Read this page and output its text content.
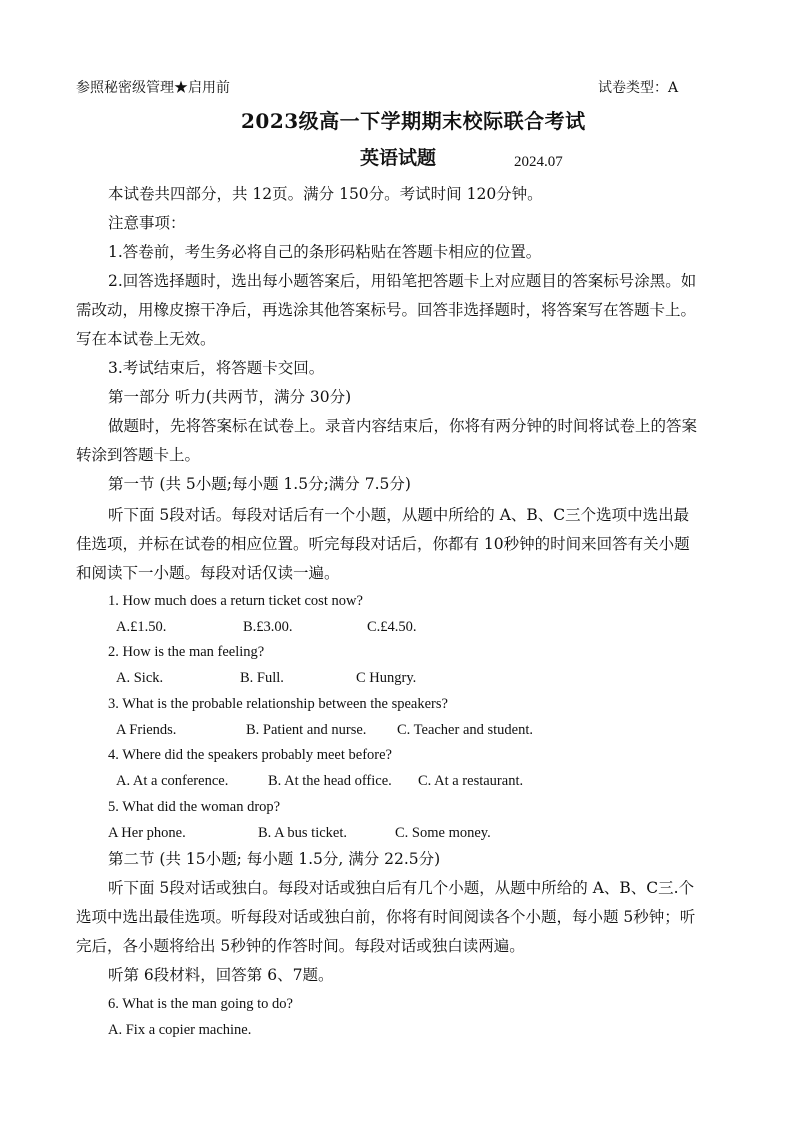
参照秘密级管理★启用前	试卷类型：A
2023级高一下学期期末校际联合考试
英语试题	2024.07
本试卷共四部分，共 12页。满分 150分。考试时间 120分钟。
注意事项：
1.答卷前，考生务必将自己的条形码粘贴在答题卡相应的位置。
2.回答选择题时，选出每小题答案后，用铅笔把答题卡上对应题目的答案标号涂黑。如
需改动，用橡皮擦干净后，再选涂其他答案标号。回答非选择题时，将答案写在答题卡上。
写在本试卷上无效。
3.考试结束后，将答题卡交回。
第一部分 听力(共两节，满分 30分)
做题时，先将答案标在试卷上。录音内容结束后，你将有两分钟的时间将试卷上的答案
转涂到答题卡上。
第一节 (共 5小题;每小题 1.5分;满分 7.5分)
听下面 5段对话。每段对话后有一个小题，从题中所给的 A、B、C三个选项中选出最
佳选项，并标在试卷的相应位置。听完每段对话后，你都有 10秒钟的时间来回答有关小题
和阅读下一小题。每段对话仅读一遍。
1. How much does a return ticket cost now?
A.£1.50.	B.£3.00.	C.£4.50.
2. How is the man feeling?
A. Sick.	B. Full.	C Hungry.
3. What is the probable relationship between the speakers?
A Friends.	B. Patient and nurse. C. Teacher and student.
4. Where did the speakers probably meet before?
A. At a conference.	B. At the head office. C. At a restaurant.
5. What did the woman drop?
A Her phone.	B. A bus ticket.	C. Some money.
第二节 (共 15小题; 每小题 1.5分, 满分 22.5分)
听下面 5段对话或独白。每段对话或独白后有几个小题，从题中所给的 A、B、C三.个
选项中选出最佳选项。听每段对话或独白前，你将有时间阅读各个小题，每小题 5秒钟；听
完后，各小题将给出 5秒钟的作答时间。每段对话或独白读两遍。
听第 6段材料，回答第 6、7题。
6. What is the man going to do?
A. Fix a copier machine.
